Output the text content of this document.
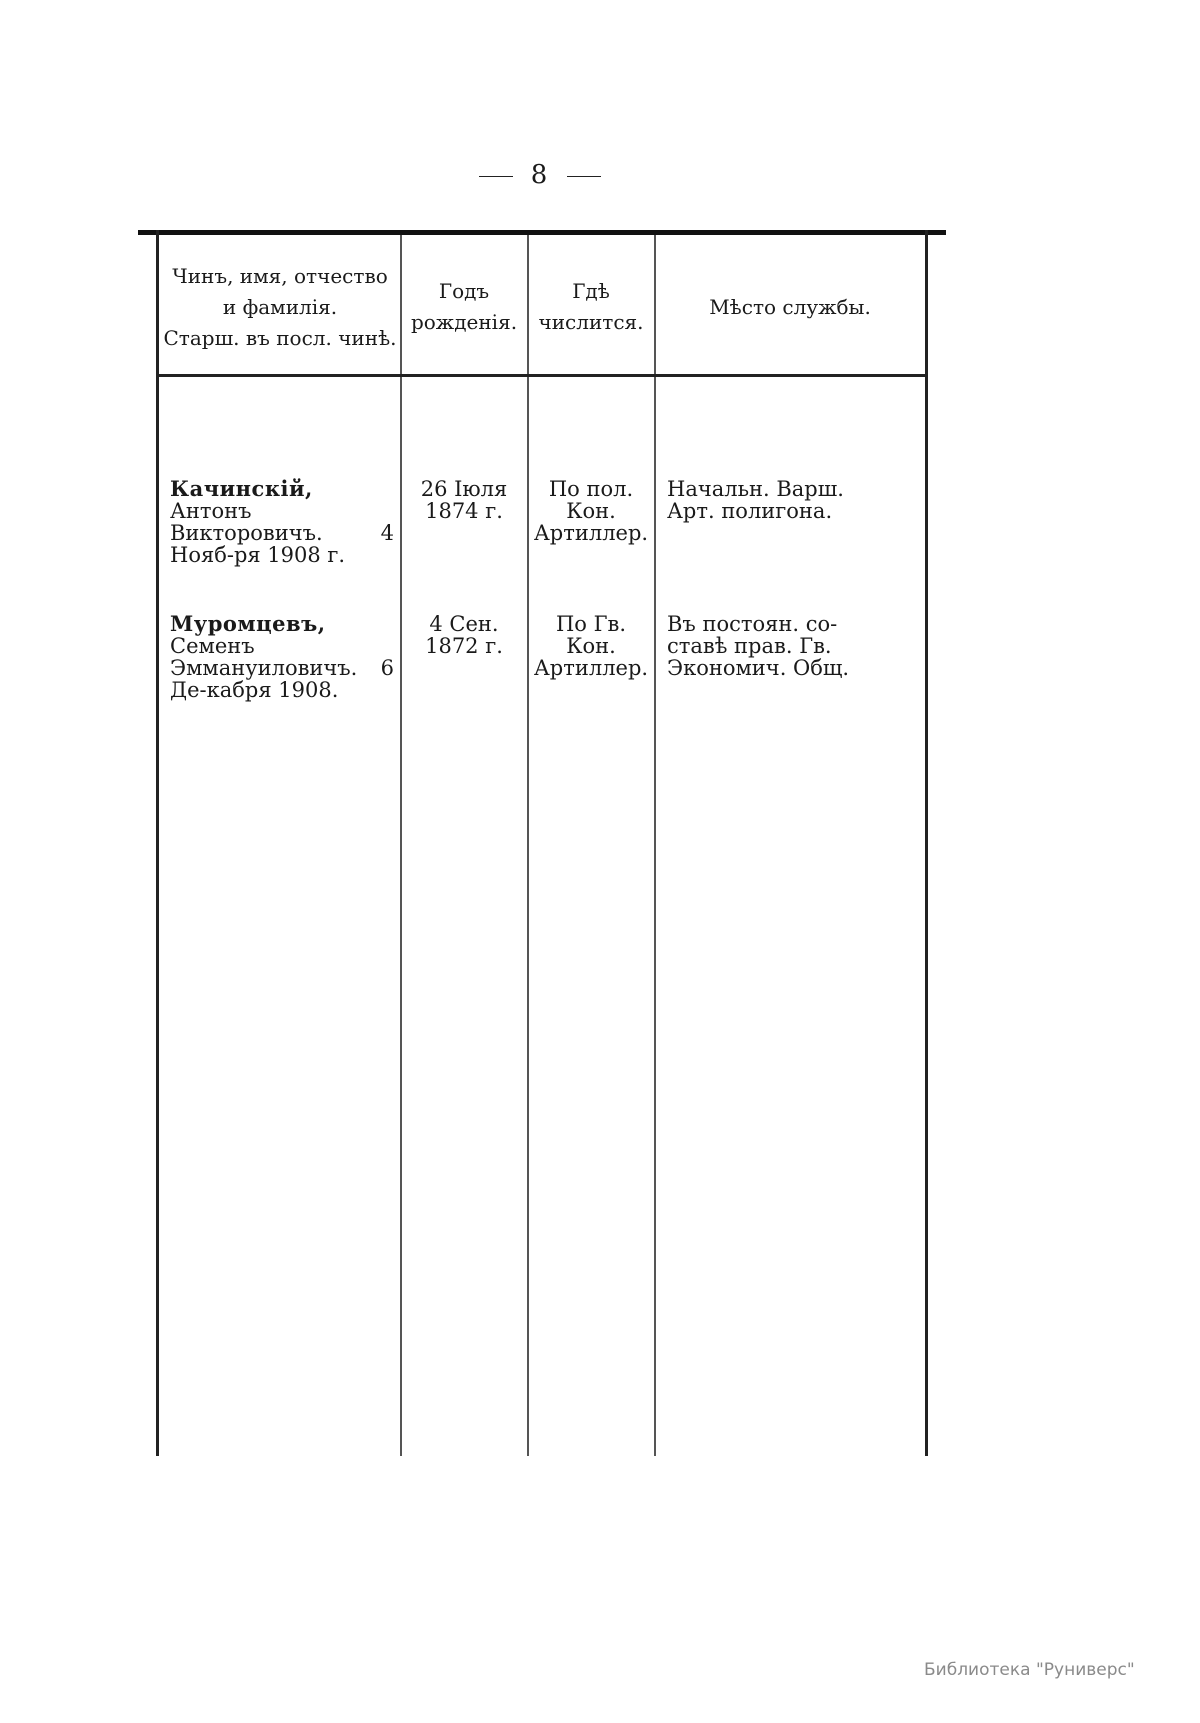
8
Чинъ, имя, отчество
и фамилія.
Старш. въ посл. чинѣ.
Годъ
рожденія.
Гдѣ
числится.
Мѣсто службы.
Качинскій, Антонъ Викторовичъ. 4 Нояб-ря 1908 г.
26 Іюля
1874 г.
По пол. Кон.
Артиллер.
Начальн. Варш.
Арт. полигона.
Муромцевъ, Семенъ Эммануиловичъ. 6 Де-кабря 1908.
4 Сен.
1872 г.
По Гв. Кон.
Артиллер.
Въ постоян. со-
ставѣ прав. Гв.
Экономич. Общ.
Библиотека "Руниверс"
